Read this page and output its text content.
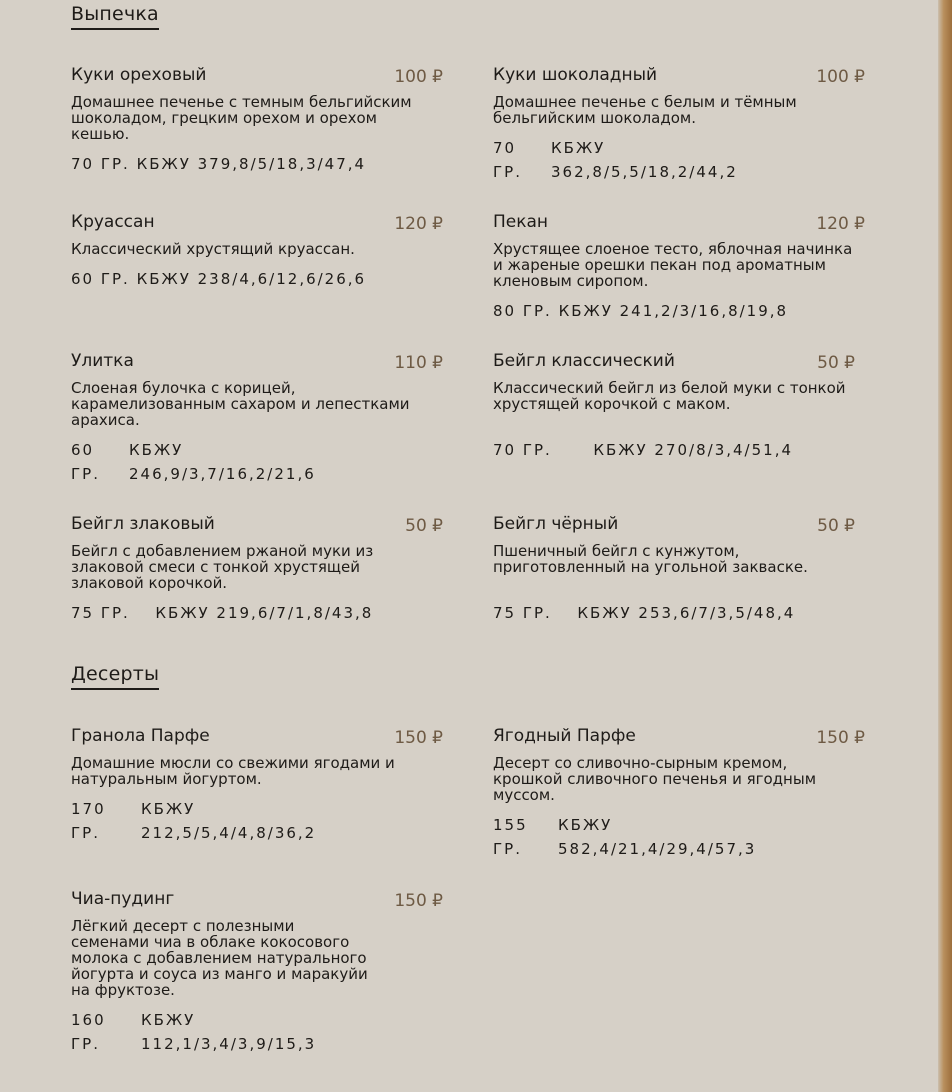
Выпечка
Куки ореховый	100 ₽

Домашнее печенье с темным бельгийским шоколадом, грецким орехом и орехом кешью.

70 ГР. КБЖУ 379,8/5/18,3/47,4
Куки шоколадный	100 ₽

Домашнее печенье с белым и тёмным бельгийским шоколадом.

70	КБЖУ
ГР.	362,8/5,5/18,2/44,2
Круассан	120 ₽

Классический хрустящий круассан.

60 ГР. КБЖУ 238/4,6/12,6/26,6
Пекан	120 ₽

Хрустящее слоеное тесто, яблочная начинка и жареные орешки пекан под ароматным кленовым сиропом.

80 ГР. КБЖУ 241,2/3/16,8/19,8
Улитка	110 ₽

Слоеная булочка с корицей, карамелизованным сахаром и лепестками арахиса.

60	КБЖУ
ГР.	246,9/3,7/16,2/21,6
Бейгл классический	50 ₽

Классический бейгл из белой муки с тонкой хрустящей корочкой с маком.

70 ГР.	КБЖУ 270/8/3,4/51,4
Бейгл злаковый	50 ₽

Бейгл с добавлением ржаной муки из злаковой смеси с тонкой хрустящей злаковой корочкой.

75 ГР. КБЖУ 219,6/7/1,8/43,8
Бейгл чёрный	50 ₽

Пшеничный бейгл с кунжутом, приготовленный на угольной закваске.

75 ГР. КБЖУ 253,6/7/3,5/48,4
Десерты
Гранола Парфе	150 ₽

Домашние мюсли со свежими ягодами и натуральным йогуртом.

170	КБЖУ
ГР.	212,5/5,4/4,8/36,2
Ягодный Парфе	150 ₽

Десерт со сливочно-сырным кремом, крошкой сливочного печенья и ягодным муссом.

155	КБЖУ
ГР.	582,4/21,4/29,4/57,3
Чиа-пудинг	150 ₽

Лёгкий десерт с полезными семенами чиа в облаке кокосового молока с добавлением натурального йогурта и соуса из манго и маракуйи на фруктозе.

160	КБЖУ
ГР.	112,1/3,4/3,9/15,3
